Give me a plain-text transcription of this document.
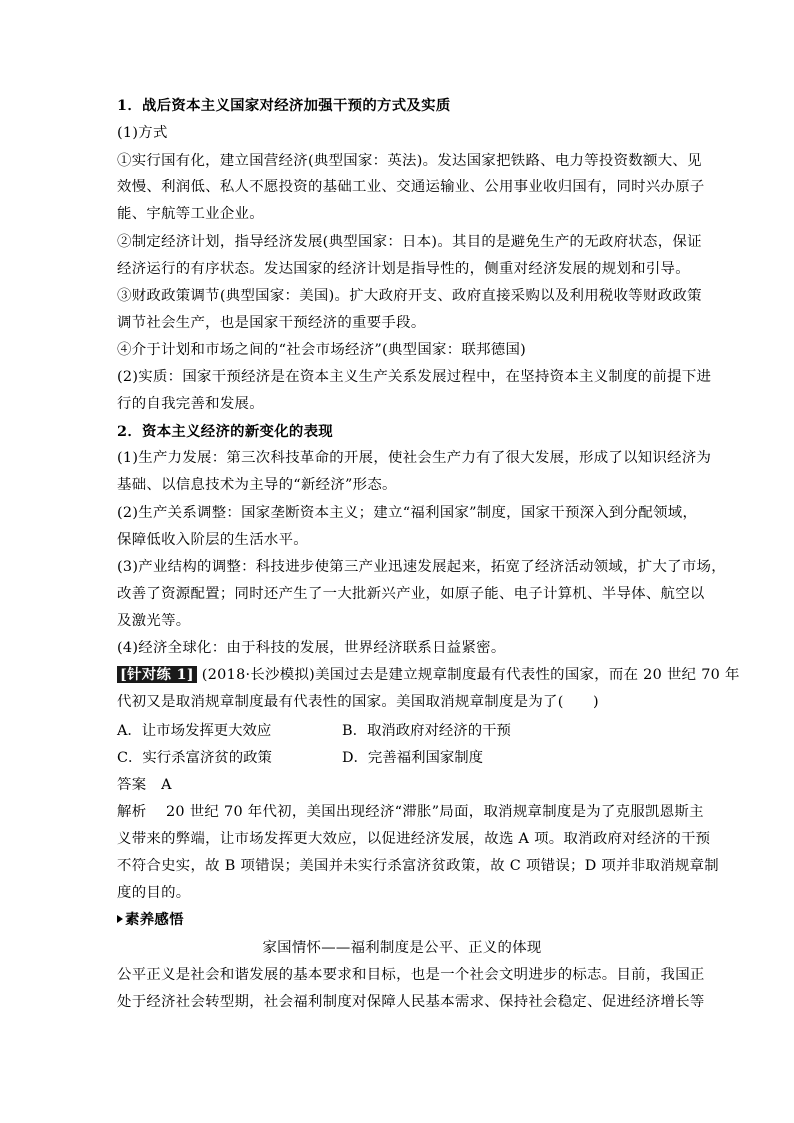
1．战后资本主义国家对经济加强干预的方式及实质
(1)方式
①实行国有化，建立国营经济(典型国家：英法)。发达国家把铁路、电力等投资数额大、见
效慢、利润低、私人不愿投资的基础工业、交通运输业、公用事业收归国有，同时兴办原子
能、宇航等工业企业。
②制定经济计划，指导经济发展(典型国家：日本)。其目的是避免生产的无政府状态，保证
经济运行的有序状态。发达国家的经济计划是指导性的，侧重对经济发展的规划和引导。
③财政政策调节(典型国家：美国)。扩大政府开支、政府直接采购以及利用税收等财政政策
调节社会生产，也是国家干预经济的重要手段。
④介于计划和市场之间的“社会市场经济”(典型国家：联邦德国)
(2)实质：国家干预经济是在资本主义生产关系发展过程中，在坚持资本主义制度的前提下进
行的自我完善和发展。
2．资本主义经济的新变化的表现
(1)生产力发展：第三次科技革命的开展，使社会生产力有了很大发展，形成了以知识经济为
基础、以信息技术为主导的“新经济”形态。
(2)生产关系调整：国家垄断资本主义；建立“福利国家”制度，国家干预深入到分配领域，
保障低收入阶层的生活水平。
(3)产业结构的调整：科技进步使第三产业迅速发展起来，拓宽了经济活动领域，扩大了市场，
改善了资源配置；同时还产生了一大批新兴产业，如原子能、电子计算机、半导体、航空以
及激光等。
(4)经济全球化：由于科技的发展，世界经济联系日益紧密。
[针对练 1] (2018·长沙模拟)美国过去是建立规章制度最有代表性的国家，而在 20 世纪 70 年
代初又是取消规章制度最有代表性的国家。美国取消规章制度是为了(　　)
A．让市场发挥更大效应	B．取消政府对经济的干预
C．实行杀富济贫的政策	D．完善福利国家制度
答案　A
解析　 20 世纪 70 年代初，美国出现经济“滞胀”局面，取消规章制度是为了克服凯恩斯主
义带来的弊端，让市场发挥更大效应，以促进经济发展，故选 A 项。取消政府对经济的干预
不符合史实，故 B 项错误；美国并未实行杀富济贫政策，故 C 项错误；D 项并非取消规章制
度的目的。
素养感悟
家国情怀——福利制度是公平、正义的体现
公平正义是社会和谐发展的基本要求和目标，也是一个社会文明进步的标志。目前，我国正
处于经济社会转型期，社会福利制度对保障人民基本需求、保持社会稳定、促进经济增长等
